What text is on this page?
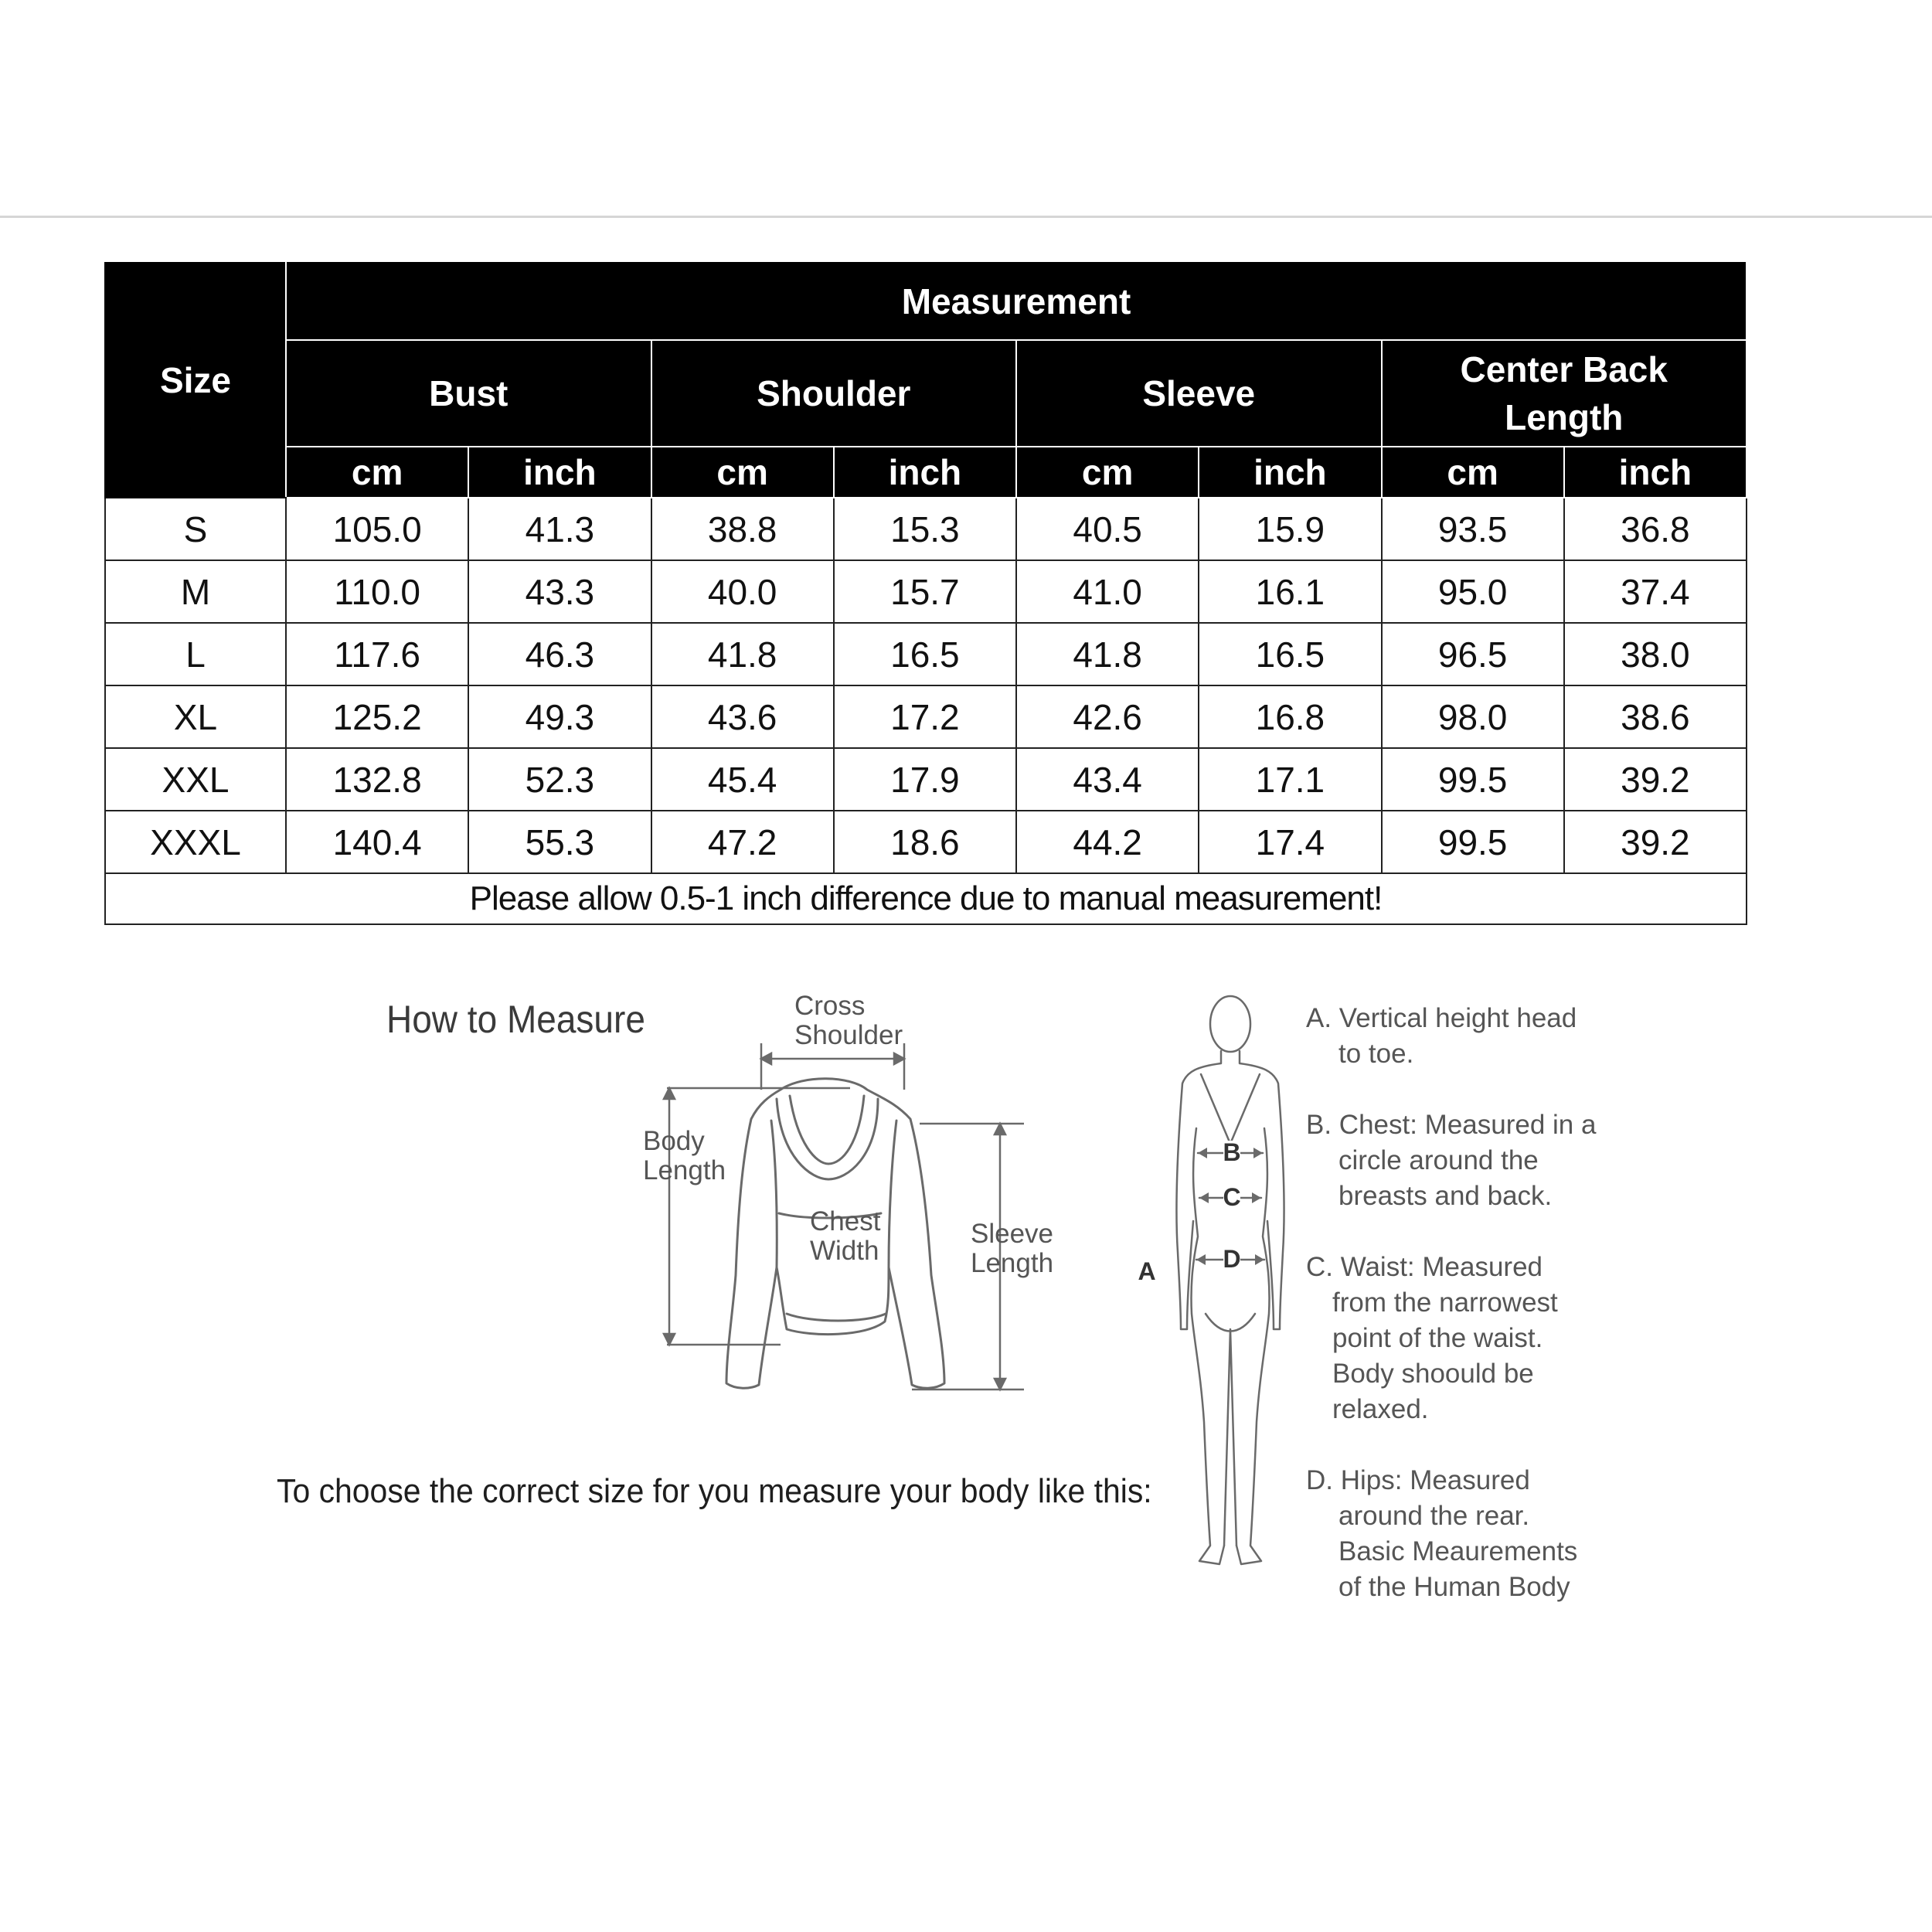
Size	Measurement							
	Bust		Shoulder		Sleeve		Center Back Length	
	cm	inch	cm	inch	cm	inch	cm	inch
S	105.0	41.3	38.8	15.3	40.5	15.9	93.5	36.8
M	110.0	43.3	40.0	15.7	41.0	16.1	95.0	37.4
L	117.6	46.3	41.8	16.5	41.8	16.5	96.5	38.0
XL	125.2	49.3	43.6	17.2	42.6	16.8	98.0	38.6
XXL	132.8	52.3	45.4	17.9	43.4	17.1	99.5	39.2
XXXL	140.4	55.3	47.2	18.6	44.2	17.4	99.5	39.2
Please allow 0.5-1 inch difference due to manual measurement!								
How to Measure	Cross
Shoulder
Body
Length
Chest
Width
Sleeve
Length
To choose the correct size for you measure your body like this:
B
C
D
A
A. Vertical height head
to toe.
B. Chest: Measured in a
circle around the
breasts and back.
C. Waist: Measured
from the narrowest
point of the waist.
Body shoould be
relaxed.
D. Hips: Measured
around the rear.
Basic Meaurements
of the Human Body
